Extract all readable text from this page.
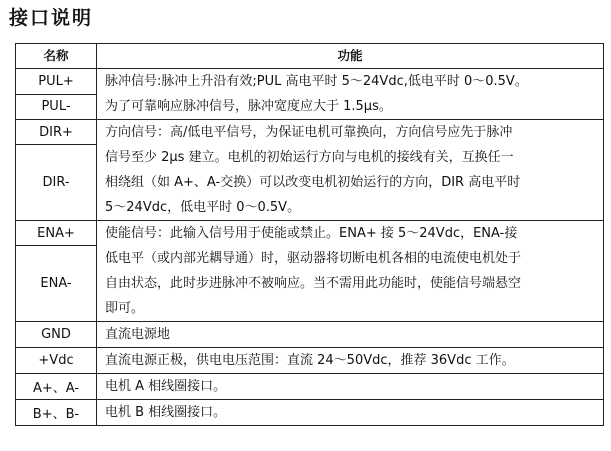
接口说明
名称	功能
PUL+	脉冲信号:脉冲上升沿有效;PUL 高电平时 5～24Vdc,低电平时 0～0.5V。
为了可靠响应脉冲信号，脉冲宽度应大于 1.5μs。

PUL-	
DIR+	方向信号：高/低电平信号，为保证电机可靠换向，方向信号应先于脉冲
信号至少 2μs 建立。电机的初始运行方向与电机的接线有关，互换任一
相绕组（如 A+、A-交换）可以改变电机初始运行的方向，DIR 高电平时
5～24Vdc，低电平时 0～0.5V。

DIR-	
ENA+	使能信号：此输入信号用于使能或禁止。ENA+ 接 5～24Vdc，ENA-接
低电平（或内部光耦导通）时，驱动器将切断电机各相的电流使电机处于
自由状态，此时步进脉冲不被响应。当不需用此功能时，使能信号端悬空
即可。

ENA-	
GND	直流电源地
+Vdc	直流电源正极，供电电压范围：直流 24～50Vdc，推荐 36Vdc 工作。
A+、A-	电机 A 相线圈接口。
B+、B-	电机 B 相线圈接口。
